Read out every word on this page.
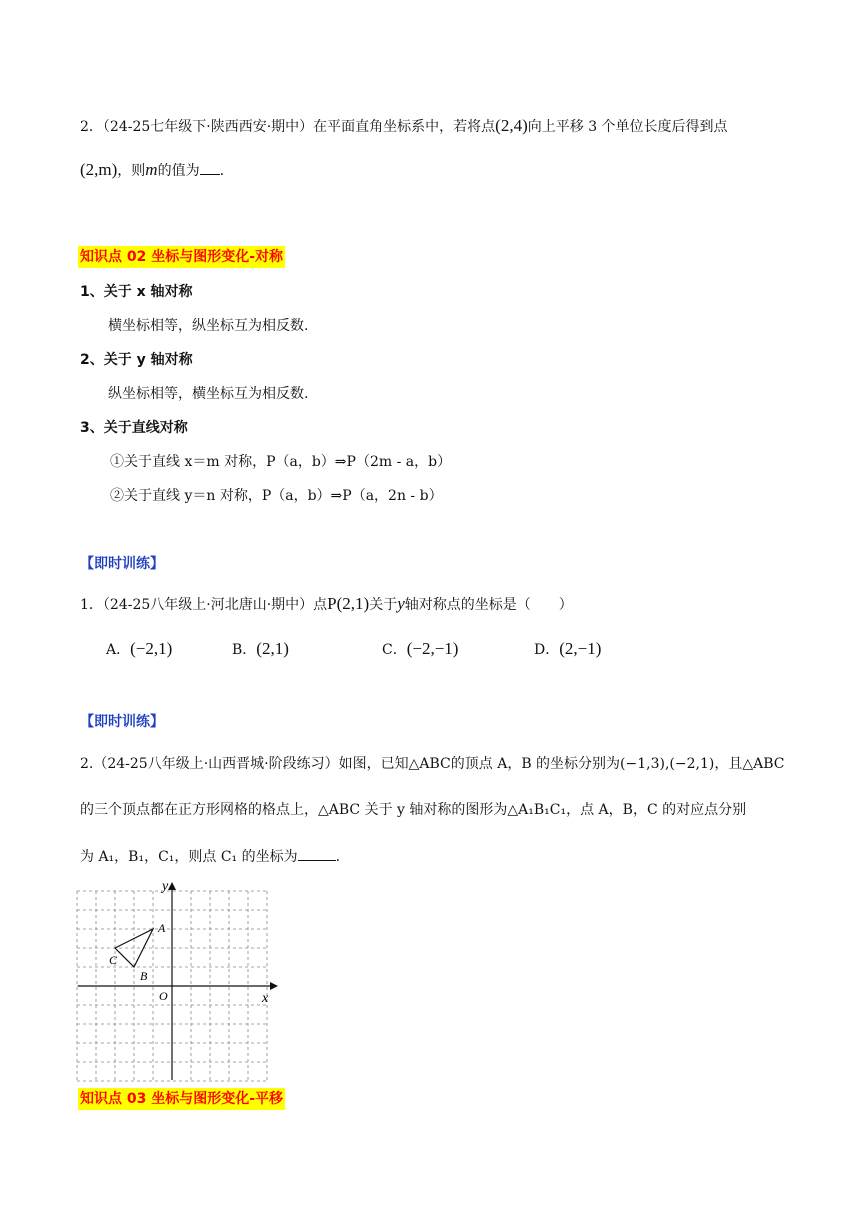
2．（24-25七年级下·陕西西安·期中）在平面直角坐标系中，若将点(2,4)向上平移 3 个单位长度后得到点
(2,m)，则m的值为 .
知识点 02 坐标与图形变化-对称
1、关于 x 轴对称
横坐标相等，纵坐标互为相反数.
2、关于 y 轴对称
纵坐标相等，横坐标互为相反数.
3、关于直线对称
①关于直线 x＝m 对称，P（a，b）⇒P（2m - a，b）
②关于直线 y＝n 对称，P（a，b）⇒P（a，2n - b）
【即时训练】
1．（24-25八年级上·河北唐山·期中）点P(2,1)关于y轴对称点的坐标是（　　）
A．(−2,1)	B．(2,1)	C．(−2,−1)	D．(2,−1)
【即时训练】
2.（24-25八年级上·山西晋城·阶段练习）如图，已知△ABC的顶点 A，B 的坐标分别为(−1,3),(−2,1)，且△ABC
的三个顶点都在正方形网格的格点上，△ABC 关于 y 轴对称的图形为△A₁B₁C₁，点 A，B，C 的对应点分别
为 A₁，B₁，C₁，则点 C₁ 的坐标为	.
y
x
O
A
B
C
知识点 03 坐标与图形变化-平移
